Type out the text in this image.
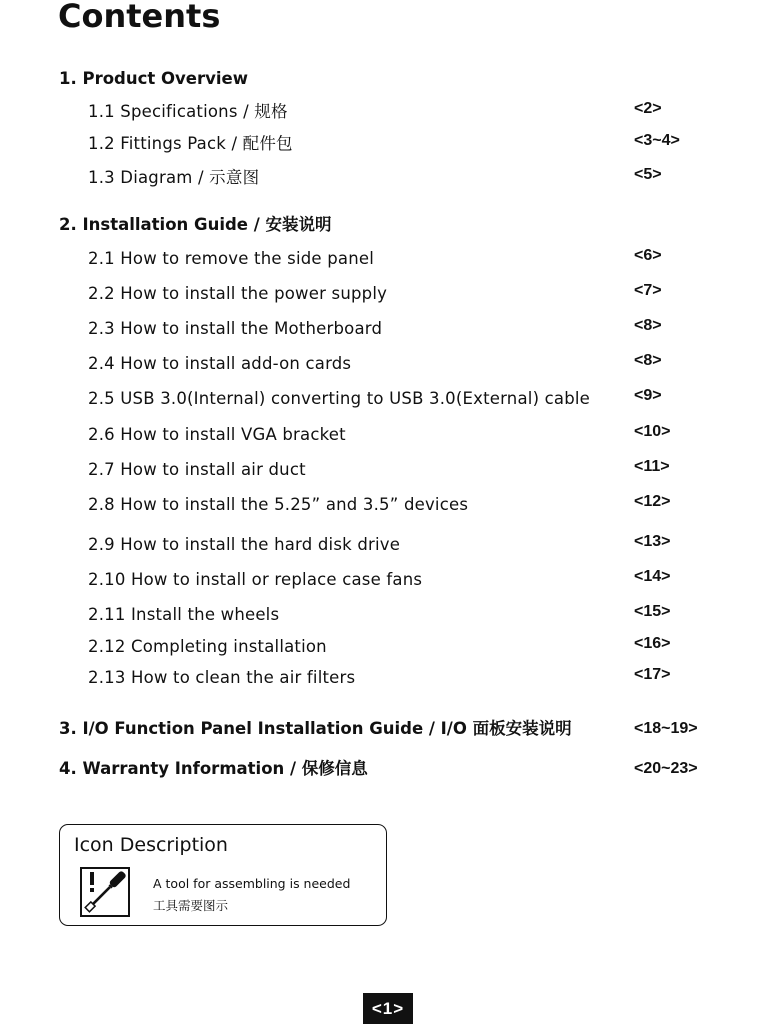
Contents
1. Product Overview
1.1 Specifications / 规格	<2>
1.2 Fittings Pack / 配件包	<3~4>
1.3 Diagram / 示意图	<5>
2. Installation Guide / 安装说明
2.1 How to remove the side panel	<6>
2.2 How to install the power supply	<7>
2.3 How to install the Motherboard	<8>
2.4 How to install add-on cards	<8>
2.5 USB 3.0(Internal) converting to USB 3.0(External) cable	<9>
2.6 How to install VGA bracket	<10>
2.7 How to install air duct	<11>
2.8 How to install the 5.25” and 3.5” devices	<12>
2.9 How to install the hard disk drive	<13>
2.10 How to install or replace case fans	<14>
2.11 Install the wheels	<15>
2.12 Completing installation	<16>
2.13 How to clean the air filters	<17>
3. I/O Function Panel Installation Guide / I/O 面板安装说明	<18~19>
4. Warranty Information / 保修信息	<20~23>
Icon Description
A tool for assembling is needed
工具需要图示
<1>
